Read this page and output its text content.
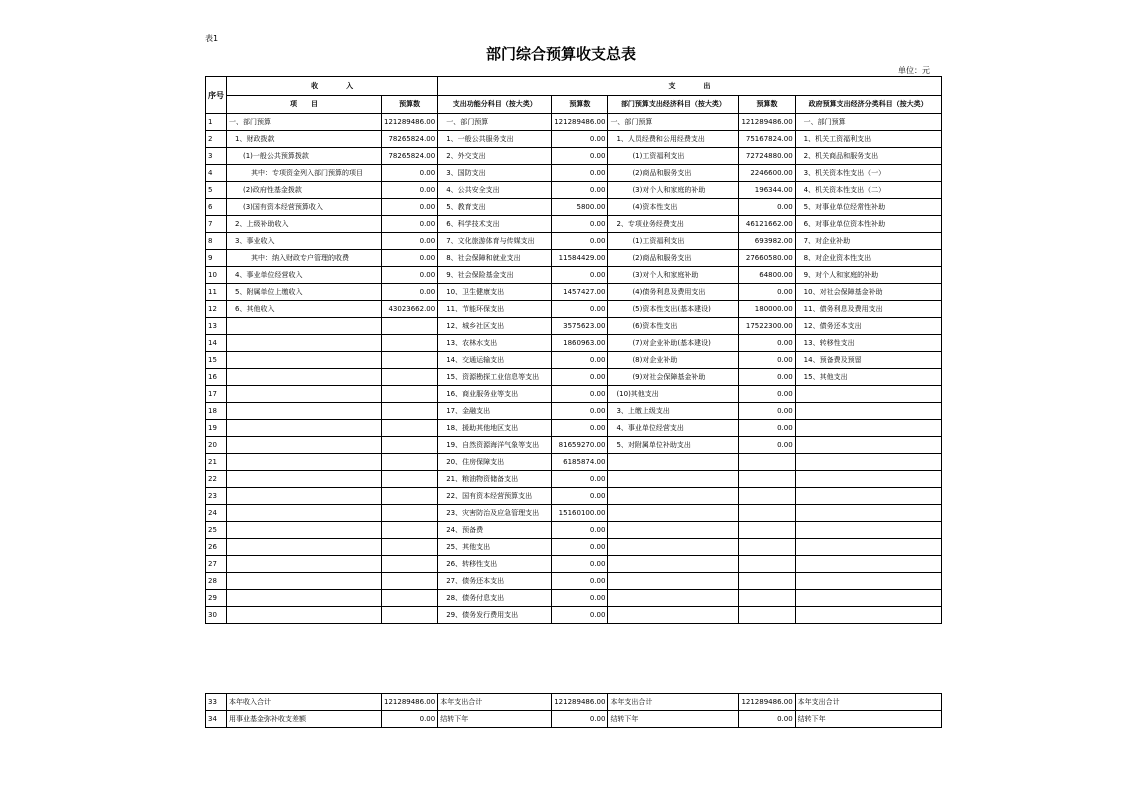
表1
部门综合预算收支总表
单位：元
序号	收　　　　入		支　　　　出				
	项　　目	预算数	支出功能分科目（按大类）	预算数	部门预算支出经济科目（按大类）	预算数	政府预算支出经济分类科目（按大类）
1	一、部门预算	121289486.00	一、部门预算	121289486.00	一、部门预算	121289486.00	一、部门预算
2	1、财政拨款	78265824.00	1、一般公共服务支出	0.00	1、人员经费和公用经费支出	75167824.00	1、机关工资福利支出
3	(1)一般公共预算拨款	78265824.00	2、外交支出	0.00	(1)工资福利支出	72724880.00	2、机关商品和服务支出
4	其中：专项资金列入部门预算的项目	0.00	3、国防支出	0.00	(2)商品和服务支出	2246600.00	3、机关资本性支出（一）
5	(2)政府性基金拨款	0.00	4、公共安全支出	0.00	(3)对个人和家庭的补助	196344.00	4、机关资本性支出（二）
6	(3)国有资本经营预算收入	0.00	5、教育支出	5800.00	(4)资本性支出	0.00	5、对事业单位经常性补助
7	2、上级补助收入	0.00	6、科学技术支出	0.00	2、专项业务经费支出	46121662.00	6、对事业单位资本性补助
8	3、事业收入	0.00	7、文化旅游体育与传媒支出	0.00	(1)工资福利支出	693982.00	7、对企业补助
9	其中：纳入财政专户管理的收费	0.00	8、社会保障和就业支出	11584429.00	(2)商品和服务支出	27660580.00	8、对企业资本性支出
10	4、事业单位经营收入	0.00	9、社会保险基金支出	0.00	(3)对个人和家庭补助	64800.00	9、对个人和家庭的补助
11	5、附属单位上缴收入	0.00	10、卫生健康支出	1457427.00	(4)债务利息及费用支出	0.00	10、对社会保障基金补助
12	6、其他收入	43023662.00	11、节能环保支出	0.00	(5)资本性支出(基本建设)	180000.00	11、债务利息及费用支出
13			12、城乡社区支出	3575623.00	(6)资本性支出	17522300.00	12、债务还本支出
14			13、农林水支出	1860963.00	(7)对企业补助(基本建设)	0.00	13、转移性支出
15			14、交通运输支出	0.00	(8)对企业补助	0.00	14、预备费及预留
16			15、资源勘探工业信息等支出	0.00	(9)对社会保障基金补助	0.00	15、其他支出
17			16、商业服务业等支出	0.00	(10)其他支出	0.00	
18			17、金融支出	0.00	3、上缴上级支出	0.00	
19			18、援助其他地区支出	0.00	4、事业单位经营支出	0.00	
20			19、自然资源海洋气象等支出	81659270.00	5、对附属单位补助支出	0.00	
21			20、住房保障支出	6185874.00			
22			21、粮油物资储备支出	0.00			
23			22、国有资本经营预算支出	0.00			
24			23、灾害防治及应急管理支出	15160100.00			
25			24、预备费	0.00			
26			25、其他支出	0.00			
27			26、转移性支出	0.00			
28			27、债务还本支出	0.00			
29			28、债务付息支出	0.00			
30			29、债务发行费用支出	0.00			
33	本年收入合计	121289486.00	本年支出合计	121289486.00	本年支出合计	121289486.00	本年支出合计
34	用事业基金弥补收支差额	0.00	结转下年	0.00	结转下年	0.00	结转下年
